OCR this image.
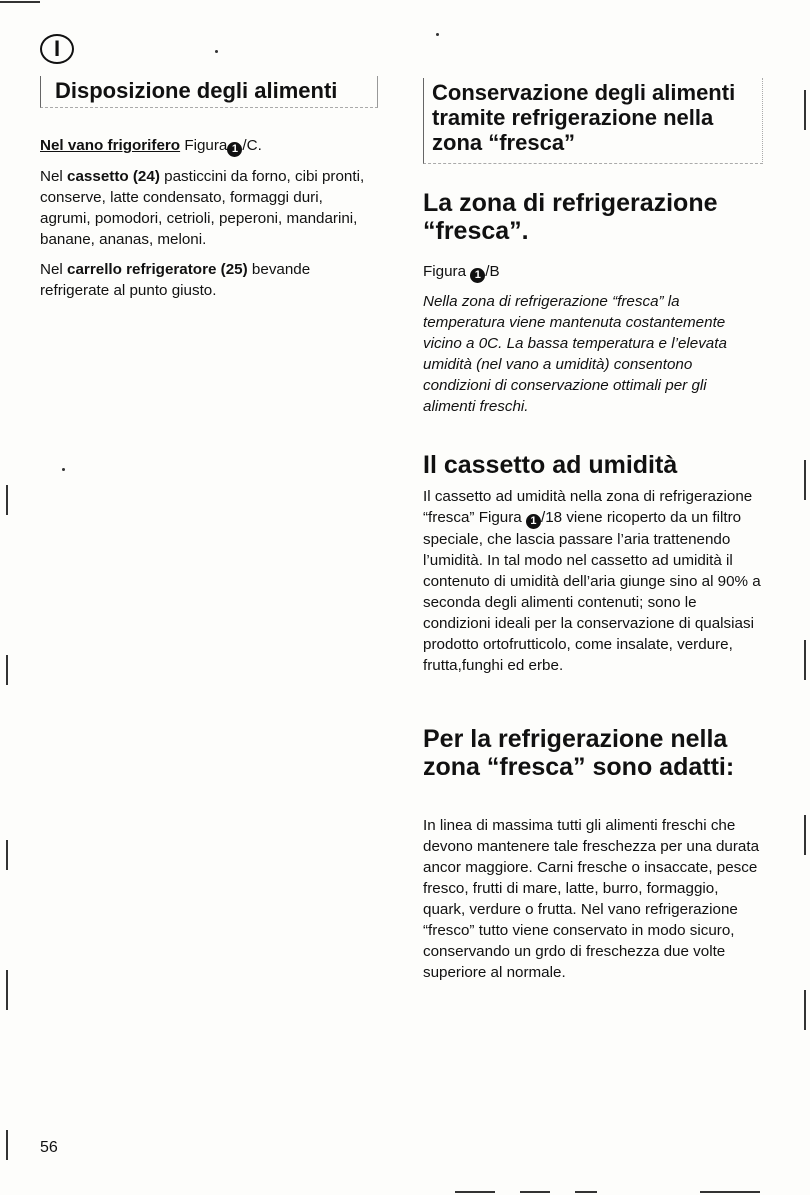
I
Disposizione degli alimenti	Conservazione degli alimenti tramite refrigerazione nella zona “fresca”
Nel vano frigorifero Figura 1 /C.
Nel cassetto (24) pasticcini da forno, cibi pronti, conserve, latte condensato, formaggi duri, agrumi, pomodori, cetrioli, peperoni, mandarini, banane, ananas, meloni.
Nel carrello refrigeratore (25) bevande refrigerate al punto giusto.
La zona di refrigerazione “fresca”.
Figura 1 /B
Nella zona di refrigerazione “fresca” la temperatura viene mantenuta costantemente vicino a 0C. La bassa temperatura e l’elevata umidità (nel vano a umidità) consentono condizioni di conservazione ottimali per gli alimenti freschi.
Il cassetto ad umidità
Il cassetto ad umidità nella zona di refrigerazione “fresca” Figura 1 /18 viene ricoperto da un filtro speciale, che lascia passare l’aria trattenendo l’umidità. In tal modo nel cassetto ad umidità il contenuto di umidità dell’aria giunge sino al 90% a seconda degli alimenti contenuti; sono le condizioni ideali per la conservazione di qualsiasi prodotto ortofrutticolo, come insalate, verdure, frutta,funghi ed erbe.
Per la refrigerazione nella zona “fresca” sono adatti:
In linea di massima tutti gli alimenti freschi che devono mantenere tale freschezza per una durata ancor maggiore. Carni fresche o insaccate, pesce fresco, frutti di mare, latte, burro, formaggio, quark, verdure o frutta. Nel vano refrigerazione “fresco” tutto viene conservato in modo sicuro, conservando un grdo di freschezza due volte superiore al normale.
56
